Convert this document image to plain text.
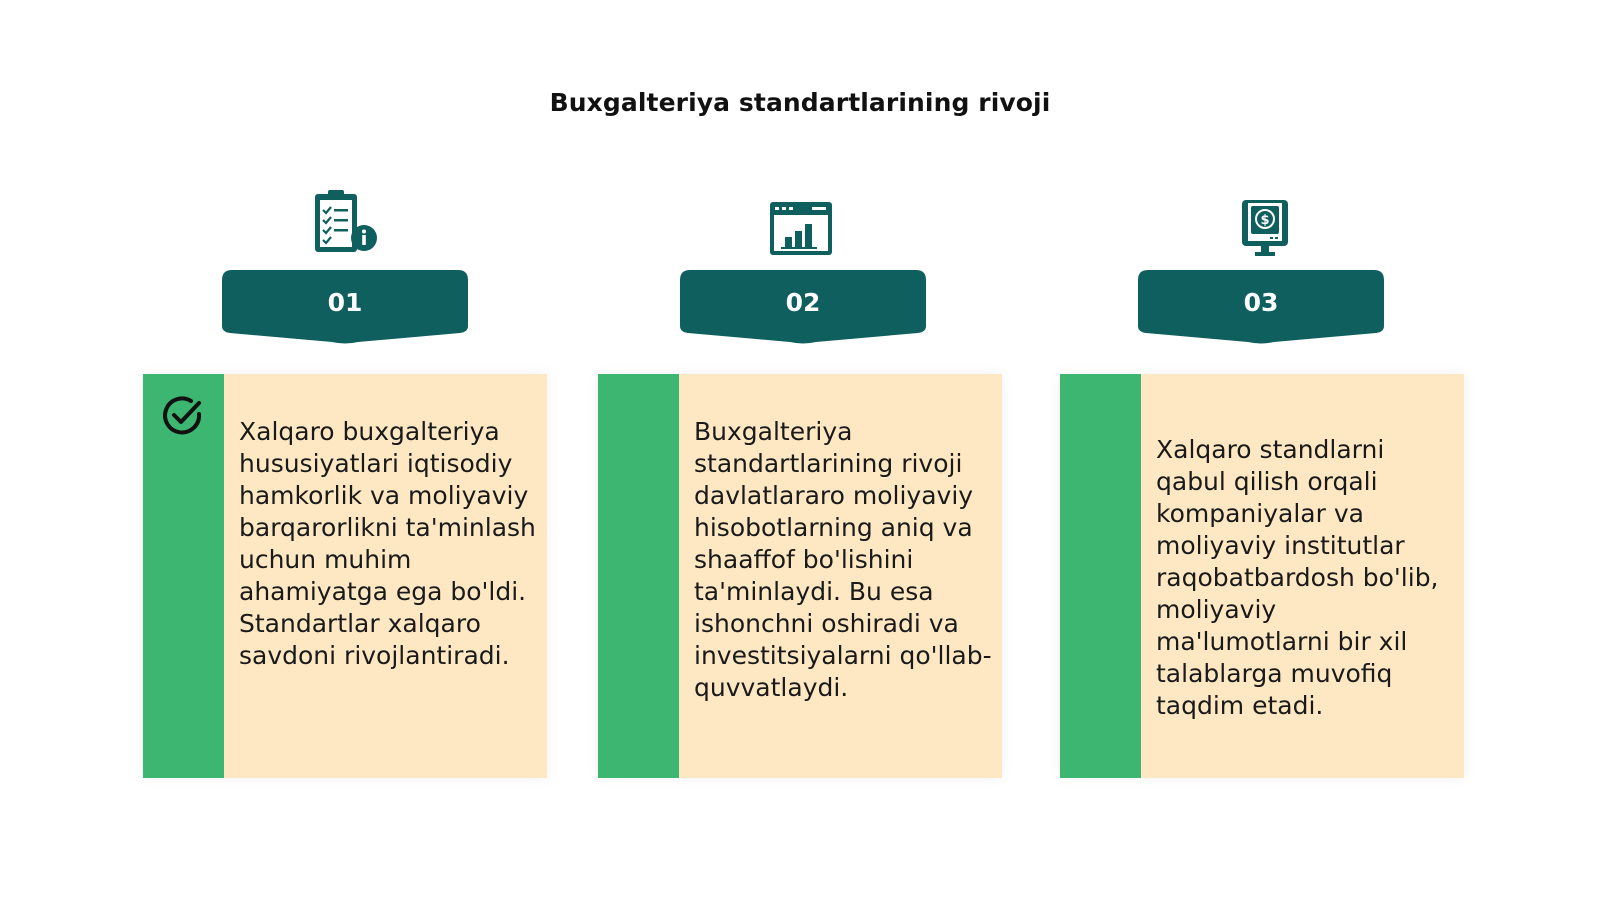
Buxgalteriya standartlarining rivoji
01
Xalqaro buxgalteriya hususiyatlari iqtisodiy hamkorlik va moliyaviy barqarorlikni ta'minlash uchun muhim ahamiyatga ega bo'ldi. Standartlar xalqaro savdoni rivojlantiradi.
02
Buxgalteriya standartlarining rivoji davlatlararo moliyaviy hisobotlarning aniq va shaaffof bo'lishini ta'minlaydi. Bu esa ishonchni oshiradi va investitsiyalarni qo'llab-quvvatlaydi.
$
03
Xalqaro standlarni qabul qilish orqali kompaniyalar va moliyaviy institutlar raqobatbardosh bo'lib, moliyaviy ma'lumotlarni bir xil talablarga muvofiq taqdim etadi.
